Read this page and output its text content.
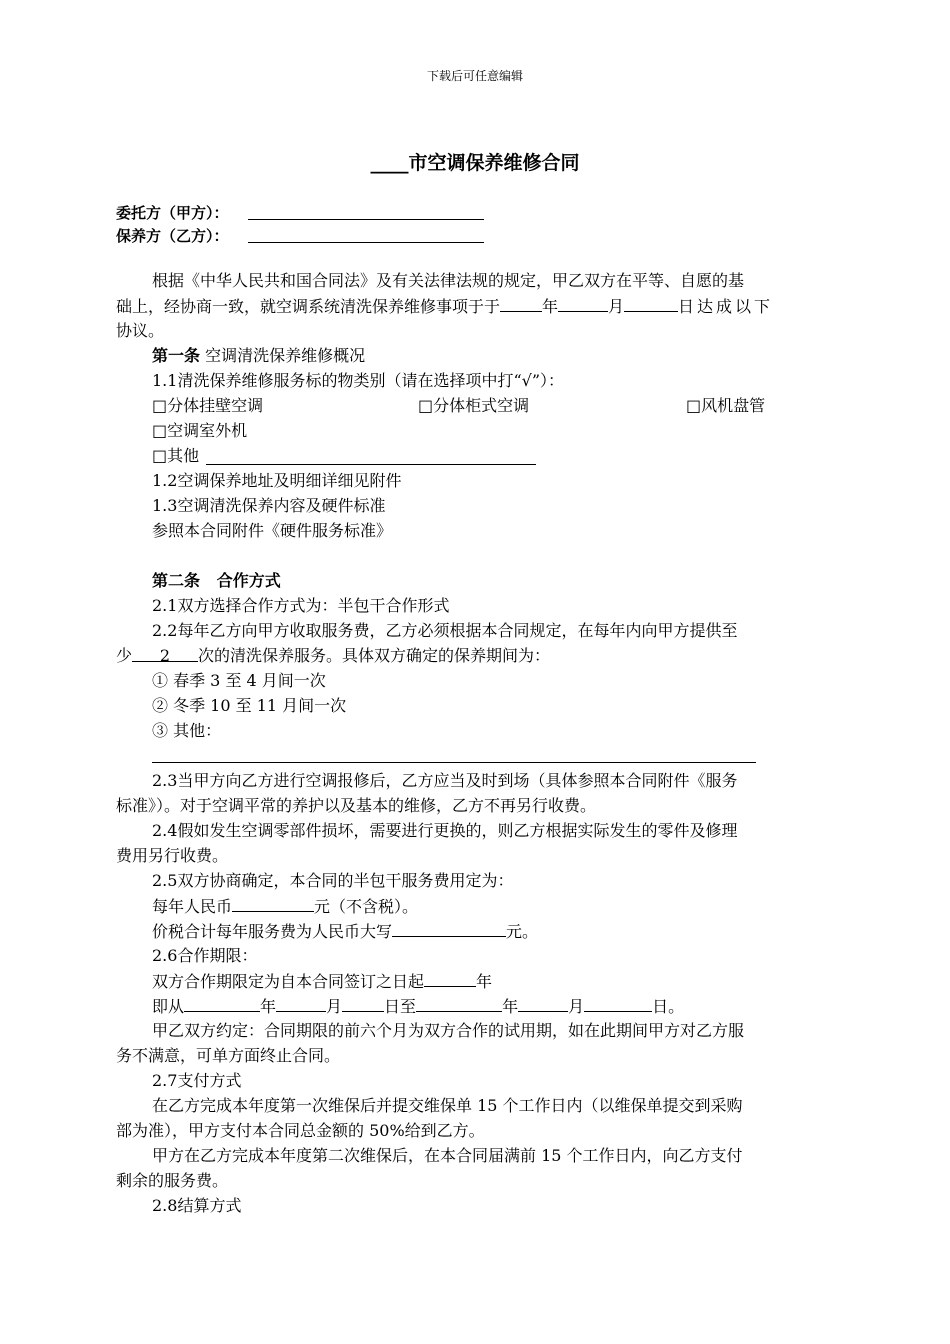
下载后可任意编辑
____市空调保养维修合同
委托方（甲方）：
保养方（乙方）：
根据《中华人民共和国合同法》及有关法律法规的规定，甲乙双方在平等、自愿的基
础上，经协商一致，就空调系统清洗保养维修事项于于	年	月	日达成以下
协议。
第一条 空调清洗保养维修概况
1.1清洗保养维修服务标的物类别（请在选择项中打“√”）：
□分体挂壁空调	□分体柜式空调	□风机盘管
□空调室外机
□其他
1.2空调保养地址及明细详细见附件
1.3空调清洗保养内容及硬件标准
参照本合同附件《硬件服务标准》
第二条   合作方式
2.1双方选择合作方式为：半包干合作形式
2.2每年乙方向甲方收取服务费，乙方必须根据本合同规定，在每年内向甲方提供至
少 2 次的清洗保养服务。具体双方确定的保养期间为：
① 春季 3 至 4 月间一次
② 冬季 10 至 11 月间一次
③ 其他：
2.3当甲方向乙方进行空调报修后，乙方应当及时到场（具体参照本合同附件《服务
标准》）。对于空调平常的养护以及基本的维修，乙方不再另行收费。
2.4假如发生空调零部件损坏，需要进行更换的，则乙方根据实际发生的零件及修理
费用另行收费。
2.5双方协商确定，本合同的半包干服务费用定为：
每年人民币	元（不含税）。
价税合计每年服务费为人民币大写	元。
2.6合作期限：
双方合作期限定为自本合同签订之日起	年
即从	年	月	日至	年	月	日。
甲乙双方约定：合同期限的前六个月为双方合作的试用期，如在此期间甲方对乙方服
务不满意，可单方面终止合同。
2.7支付方式
在乙方完成本年度第一次维保后并提交维保单 15 个工作日内（以维保单提交到采购
部为准），甲方支付本合同总金额的 50%给到乙方。
甲方在乙方完成本年度第二次维保后，在本合同届满前 15 个工作日内，向乙方支付
剩余的服务费。
2.8结算方式
